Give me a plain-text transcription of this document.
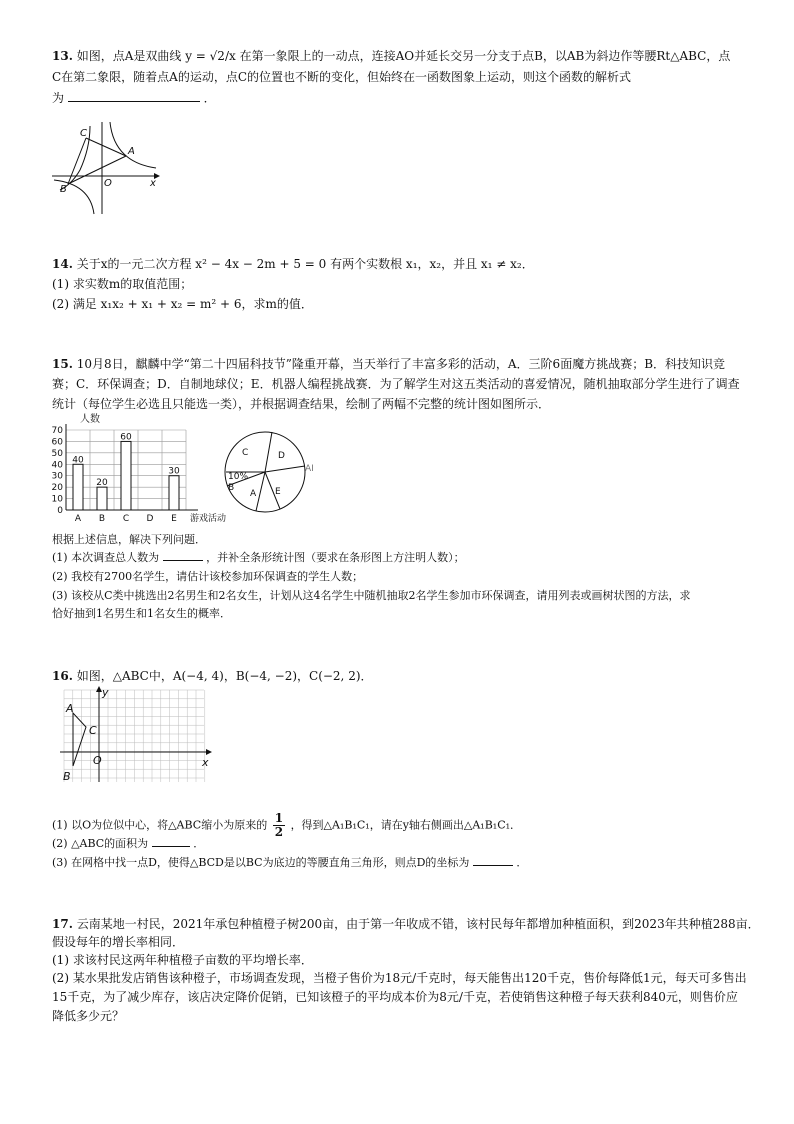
13. 如图，点A是双曲线 y = √2/x 在第一象限上的一动点，连接AO并延长交另一分支于点B，以AB为斜边作等腰Rt△ABC，点
C在第二象限，随着点A的运动，点C的位置也不断的变化，但始终在一函数图象上运动，则这个函数的解析式
为	．
C
A
B
O	x
14. 关于x的一元二次方程 x² − 4x − 2m + 5 = 0 有两个实数根 x₁，x₂，并且 x₁ ≠ x₂．
(1) 求实数m的取值范围；
(2) 满足 x₁x₂ + x₁ + x₂ = m² + 6，求m的值．
15. 10月8日，麒麟中学“第二十四届科技节”隆重开幕，当天举行了丰富多彩的活动，A．三阶6面魔方挑战赛；B．科技知识竞
赛；C．环保调查；D．自制地球仪；E．机器人编程挑战赛．为了解学生对这五类活动的喜爱情况，随机抽取部分学生进行了调查
统计（每位学生必选且只能选一类），并根据调查结果，绘制了两幅不完整的统计图如图所示．
0
10
20
30
40
50
60
70
40
20
60
30
A B C D E
人数
游戏活动
C	D
10%
B
A E
AI
根据上述信息，解决下列问题．
(1) 本次调查总人数为	，并补全条形统计图（要求在条形图上方注明人数）；
(2) 我校有2700名学生，请估计该校参加环保调查的学生人数；
(3) 该校从C类中挑选出2名男生和2名女生，计划从这4名学生中随机抽取2名学生参加市环保调查，请用列表或画树状图的方法，求
恰好抽到1名男生和1名女生的概率．
16. 如图，△ABC中，A(−4, 4)，B(−4, −2)，C(−2, 2)．
y
x
A
B
C
O
(1) 以O为位似中心，将△ABC缩小为原来的 $\frac{1}{2}$ ，得到△A₁B₁C₁，请在y轴右侧画出△A₁B₁C₁．
(2) △ABC的面积为	．
(3) 在网格中找一点D，使得△BCD是以BC为底边的等腰直角三角形，则点D的坐标为	．
17. 云南某地一村民，2021年承包种植橙子树200亩，由于第一年收成不错，该村民每年都增加种植面积，到2023年共种植288亩．
假设每年的增长率相同．
(1) 求该村民这两年种植橙子亩数的平均增长率．
(2) 某水果批发店销售该种橙子，市场调查发现，当橙子售价为18元/千克时，每天能售出120千克，售价每降低1元，每天可多售出
15千克，为了减少库存，该店决定降价促销，已知该橙子的平均成本价为8元/千克，若使销售这种橙子每天获利840元，则售价应
降低多少元？
